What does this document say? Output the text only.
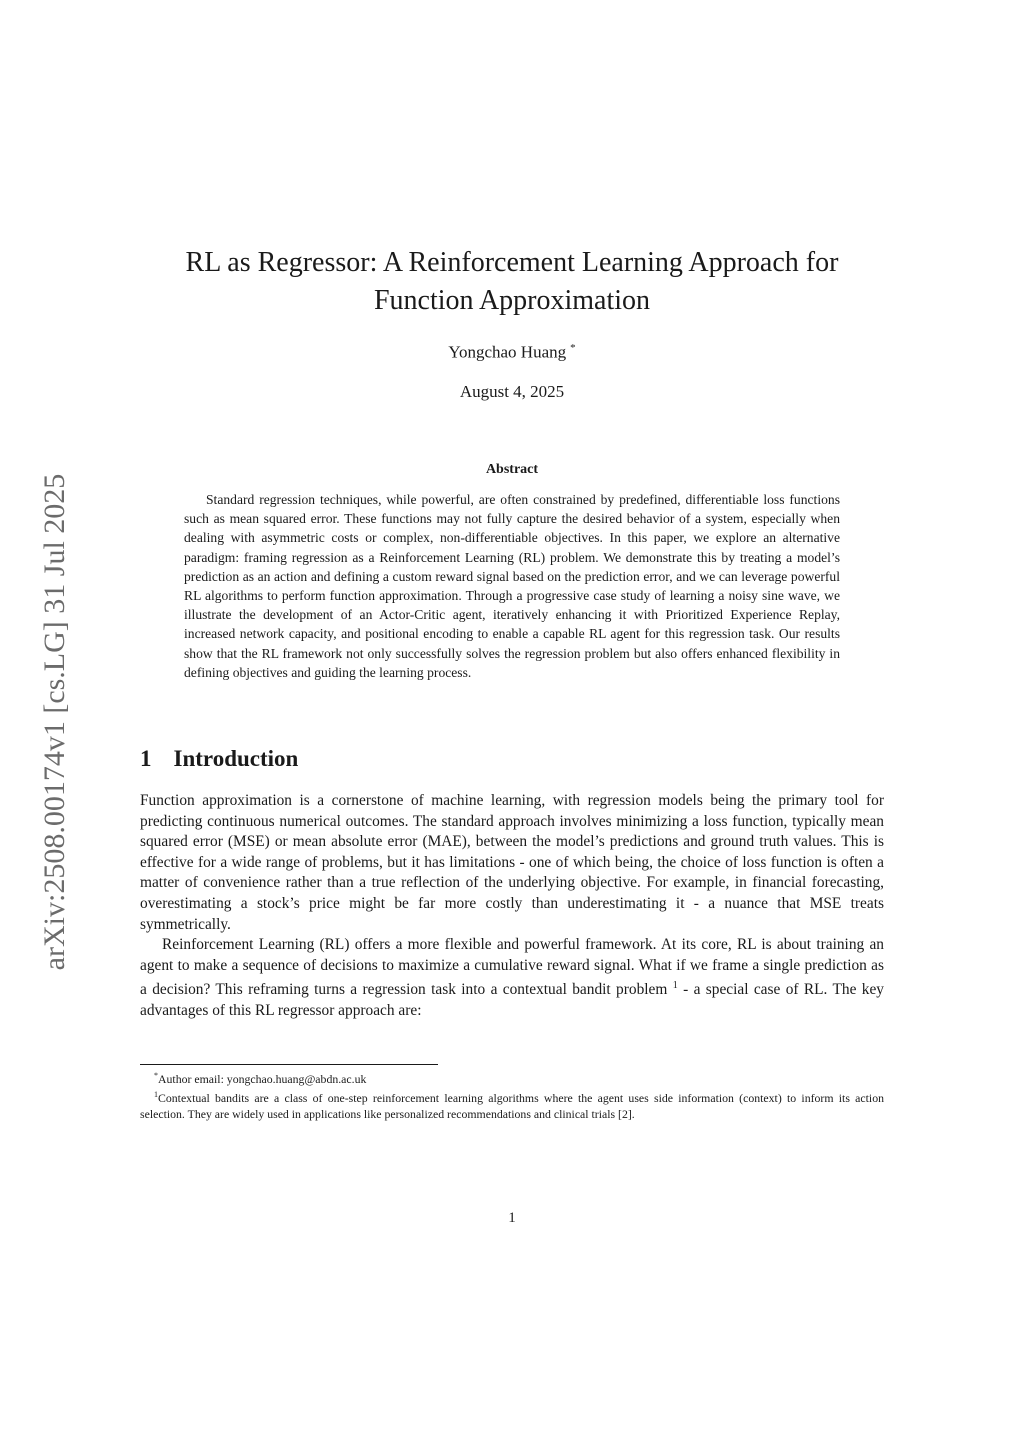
arXiv:2508.00174v1 [cs.LG] 31 Jul 2025
RL as Regressor: A Reinforcement Learning Approach for
Function Approximation
Yongchao Huang *
August 4, 2025
Abstract

Standard regression techniques, while powerful, are often constrained by predefined, differentiable loss functions such as mean squared error. These functions may not fully capture the desired behavior of a system, especially when dealing with asymmetric costs or complex, non-differentiable objectives. In this paper, we explore an alternative paradigm: framing regression as a Reinforcement Learning (RL) problem. We demonstrate this by treating a model’s prediction as an action and defining a custom reward signal based on the prediction error, and we can leverage powerful RL algorithms to perform function approximation. Through a progressive case study of learning a noisy sine wave, we illustrate the development of an Actor-Critic agent, iteratively enhancing it with Prioritized Experience Replay, increased network capacity, and positional encoding to enable a capable RL agent for this regression task. Our results show that the RL framework not only successfully solves the regression problem but also offers enhanced flexibility in defining objectives and guiding the learning process.

1 Introduction

Function approximation is a cornerstone of machine learning, with regression models being the primary tool for predicting continuous numerical outcomes. The standard approach involves minimizing a loss function, typically mean squared error (MSE) or mean absolute error (MAE), between the model’s predictions and ground truth values. This is effective for a wide range of problems, but it has limitations - one of which being, the choice of loss function is often a matter of convenience rather than a true reflection of the underlying objective. For example, in financial forecasting, overestimating a stock’s price might be far more costly than underestimating it - a nuance that MSE treats symmetrically.

Reinforcement Learning (RL) offers a more flexible and powerful framework. At its core, RL is about training an agent to make a sequence of decisions to maximize a cumulative reward signal. What if we frame a single prediction as a decision? This reframing turns a regression task into a contextual bandit problem $^1$ - a special case of RL. The key advantages of this RL regressor approach are:

*Author email: yongchao.huang@abdn.ac.uk

$^1$Contextual bandits are a class of one-step reinforcement learning algorithms where the agent uses side information (context) to inform its action selection. They are widely used in applications like personalized recommendations and clinical trials [2].

1
